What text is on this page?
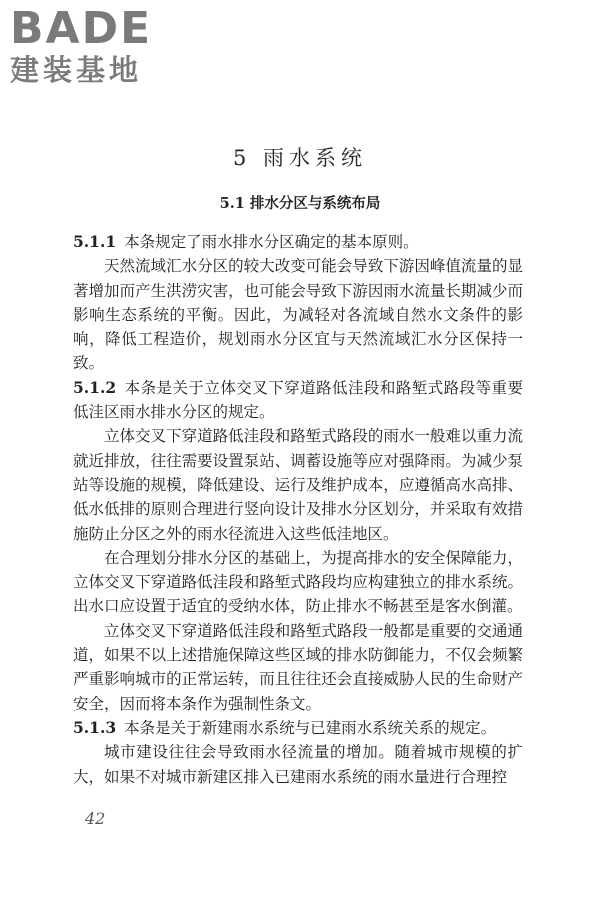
BADE
建装基地
5 雨水系统
5.1 排水分区与系统布局

5.1.1 本条规定了雨水排水分区确定的基本原则。

天然流域汇水分区的较大改变可能会导致下游因峰值流量的显著增加而产生洪涝灾害，也可能会导致下游因雨水流量长期减少而影响生态系统的平衡。因此，为减轻对各流域自然水文条件的影响，降低工程造价，规划雨水分区宜与天然流域汇水分区保持一致。

5.1.2 本条是关于立体交叉下穿道路低洼段和路堑式路段等重要低洼区雨水排水分区的规定。

立体交叉下穿道路低洼段和路堑式路段的雨水一般难以重力流就近排放，往往需要设置泵站、调蓄设施等应对强降雨。为减少泵站等设施的规模，降低建设、运行及维护成本，应遵循高水高排、低水低排的原则合理进行竖向设计及排水分区划分，并采取有效措施防止分区之外的雨水径流进入这些低洼地区。

在合理划分排水分区的基础上，为提高排水的安全保障能力，立体交叉下穿道路低洼段和路堑式路段均应构建独立的排水系统。出水口应设置于适宜的受纳水体，防止排水不畅甚至是客水倒灌。

立体交叉下穿道路低洼段和路堑式路段一般都是重要的交通通道，如果不以上述措施保障这些区域的排水防御能力，不仅会频繁严重影响城市的正常运转，而且往往还会直接威胁人民的生命财产安全，因而将本条作为强制性条文。

5.1.3 本条是关于新建雨水系统与已建雨水系统关系的规定。

城市建设往往会导致雨水径流量的增加。随着城市规模的扩大，如果不对城市新建区排入已建雨水系统的雨水量进行合理控

42
